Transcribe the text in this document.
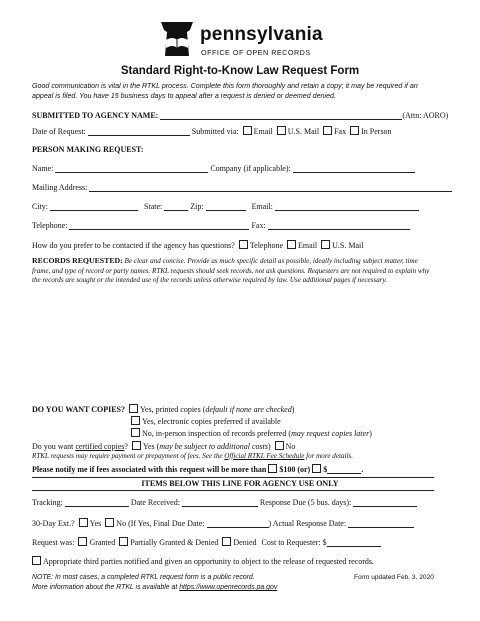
pennsylvania
OFFICE OF OPEN RECORDS
Standard Right-to-Know Law Request Form

Good communication is vital in the RTKL process. Complete this form thoroughly and retain a copy; it may be required if an appeal is filed. You have 15 business days to appeal after a request is denied or deemed denied.

SUBMITTED TO AGENCY NAME:	(Attn: AORO)
Date of Request:	Submitted via: Email U.S. Mail Fax In Person
PERSON MAKING REQUEST:
Name:	Company (if applicable):
Mailing Address:
City:	State:	Zip:	Email:
Telephone:	Fax:
How do you prefer to be contacted if the agency has questions? Telephone Email U.S. Mail

RECORDS REQUESTED: Be clear and concise. Provide as much specific detail as possible, ideally including subject matter, time frame, and type of record or party names. RTKL requests should seek records, not ask questions. Requesters are not required to explain why the records are sought or the intended use of the records unless otherwise required by law. Use additional pages if necessary.

DO YOU WANT COPIES? Yes, printed copies (default if none are checked)
Yes, electronic copies preferred if available
No, in-person inspection of records preferred (may request copies later)
Do you want certified copies? Yes (may be subject to additional costs) No
RTKL requests may require payment or prepayment of fees. See the Official RTKL Fee Schedule for more details.
Please notify me if fees associated with this request will be more than $100 (or) $	.
ITEMS BELOW THIS LINE FOR AGENCY USE ONLY
Tracking:	Date Received:	Response Due (5 bus. days):
30-Day Ext.? Yes No (If Yes, Final Due Date:	) Actual Response Date:
Request was: Granted Partially Granted & Denied Denied Cost to Requester: $
Appropriate third parties notified and given an opportunity to object to the release of requested records.
NOTE: In most cases, a completed RTKL request form is a public record.	Form updated Feb. 3, 2020
More information about the RTKL is available at https://www.openrecords.pa.gov
